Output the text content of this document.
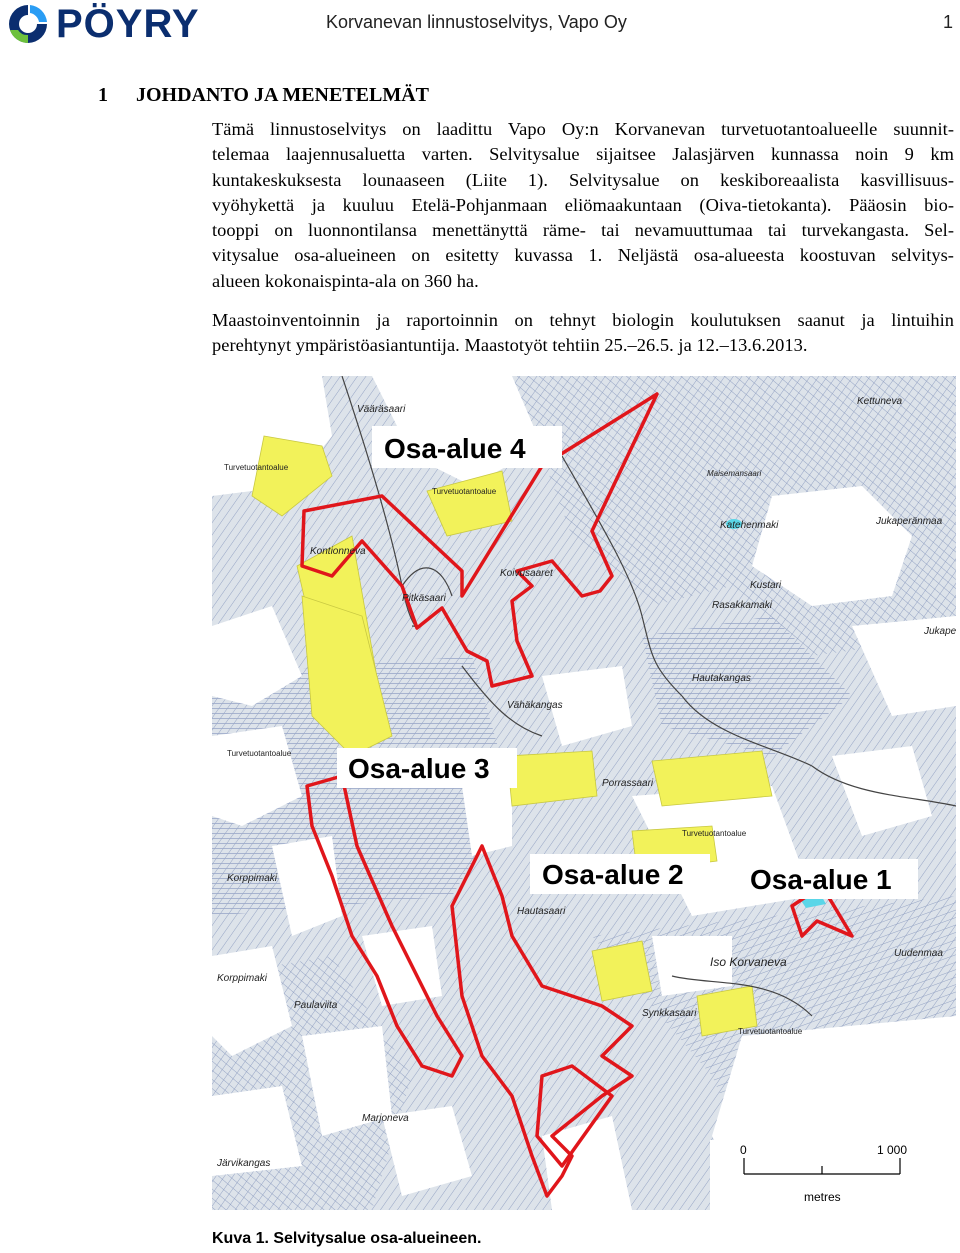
PÖYRY	Korvanevan linnustoselvitys, Vapo Oy	1
1 JOHDANTO JA MENETELMÄT
Tämä linnustoselvitys on laadittu Vapo Oy:n Korvanevan turvetuotantoalueelle suunnit-
telemaa laajennusaluetta varten. Selvitysalue sijaitsee Jalasjärven kunnassa noin 9 km
kuntakeskuksesta lounaaseen (Liite 1). Selvitysalue on keskiboreaalista kasvillisuus-
vyöhykettä ja kuuluu Etelä-Pohjanmaan eliömaakuntaan (Oiva-tietokanta). Pääosin bio-
tooppi on luonnontilansa menettänyttä räme- tai nevamuuttumaa tai turvekangasta. Sel-
vitysalue osa-alueineen on esitetty kuvassa 1. Neljästä osa-alueesta koostuvan selvitys-
alueen kokonaispinta-ala on 360 ha.
Maastoinventoinnin ja raportoinnin on tehnyt biologin koulutuksen saanut ja lintuihin
perehtynyt ympäristöasiantuntija. Maastotyöt tehtiin 25.–26.5. ja 12.–13.6.2013.
Vääräsaari
Kettuneva
Turvetuotantoalue
Kontionneva
Turvetuotantoalue
Maisemansaari
Katehenmaki	Jukaperänmaa
Kustari
Pitkäsaari
Koivusaaret
Rasakkamaki
Jukape
Hautakangas
Vähäkangas
Turvetuotantoalue
Porrassaari
Turvetuotantoalue
Korppimaki
Hautasaari
Iso Korvaneva
Uudenmaa
Korppimaki
Paulaviita
Synkkasaari
Turvetuotantoalue
Marjoneva
Järvikangas
Osa-alue 4
Osa-alue 3
Osa-alue 2 Osa-alue 1
0	1 000
metres
Kuva 1. Selvitysalue osa-alueineen.
